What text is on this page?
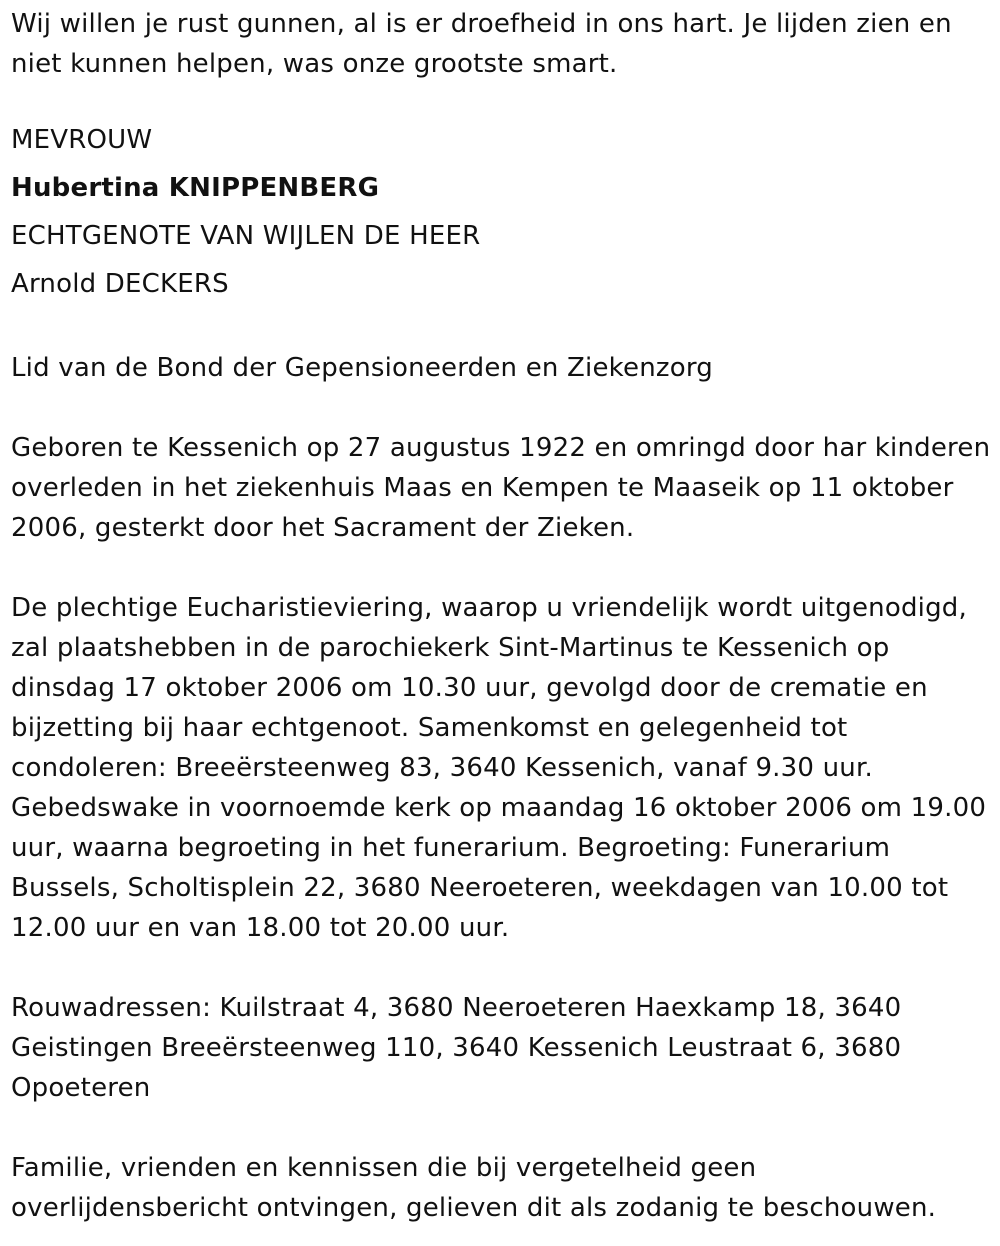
Wij willen je rust gunnen, al is er droefheid in ons hart. Je lijden zien en
niet kunnen helpen, was onze grootste smart.

MEVROUW

Hubertina KNIPPENBERG

ECHTGENOTE VAN WIJLEN DE HEER

Arnold DECKERS

Lid van de Bond der Gepensioneerden en Ziekenzorg

Geboren te Kessenich op 27 augustus 1922 en omringd door har kinderen
overleden in het ziekenhuis Maas en Kempen te Maaseik op 11 oktober
2006, gesterkt door het Sacrament der Zieken.

De plechtige Eucharistieviering, waarop u vriendelijk wordt uitgenodigd,
zal plaatshebben in de parochiekerk Sint-Martinus te Kessenich op
dinsdag 17 oktober 2006 om 10.30 uur, gevolgd door de crematie en
bijzetting bij haar echtgenoot. Samenkomst en gelegenheid tot
condoleren: Breeërsteenweg 83, 3640 Kessenich, vanaf 9.30 uur.
Gebedswake in voornoemde kerk op maandag 16 oktober 2006 om 19.00
uur, waarna begroeting in het funerarium. Begroeting: Funerarium
Bussels, Scholtisplein 22, 3680 Neeroeteren, weekdagen van 10.00 tot
12.00 uur en van 18.00 tot 20.00 uur.

Rouwadressen: Kuilstraat 4, 3680 Neeroeteren Haexkamp 18, 3640
Geistingen Breeërsteenweg 110, 3640 Kessenich Leustraat 6, 3680
Opoeteren

Familie, vrienden en kennissen die bij vergetelheid geen
overlijdensbericht ontvingen, gelieven dit als zodanig te beschouwen.
